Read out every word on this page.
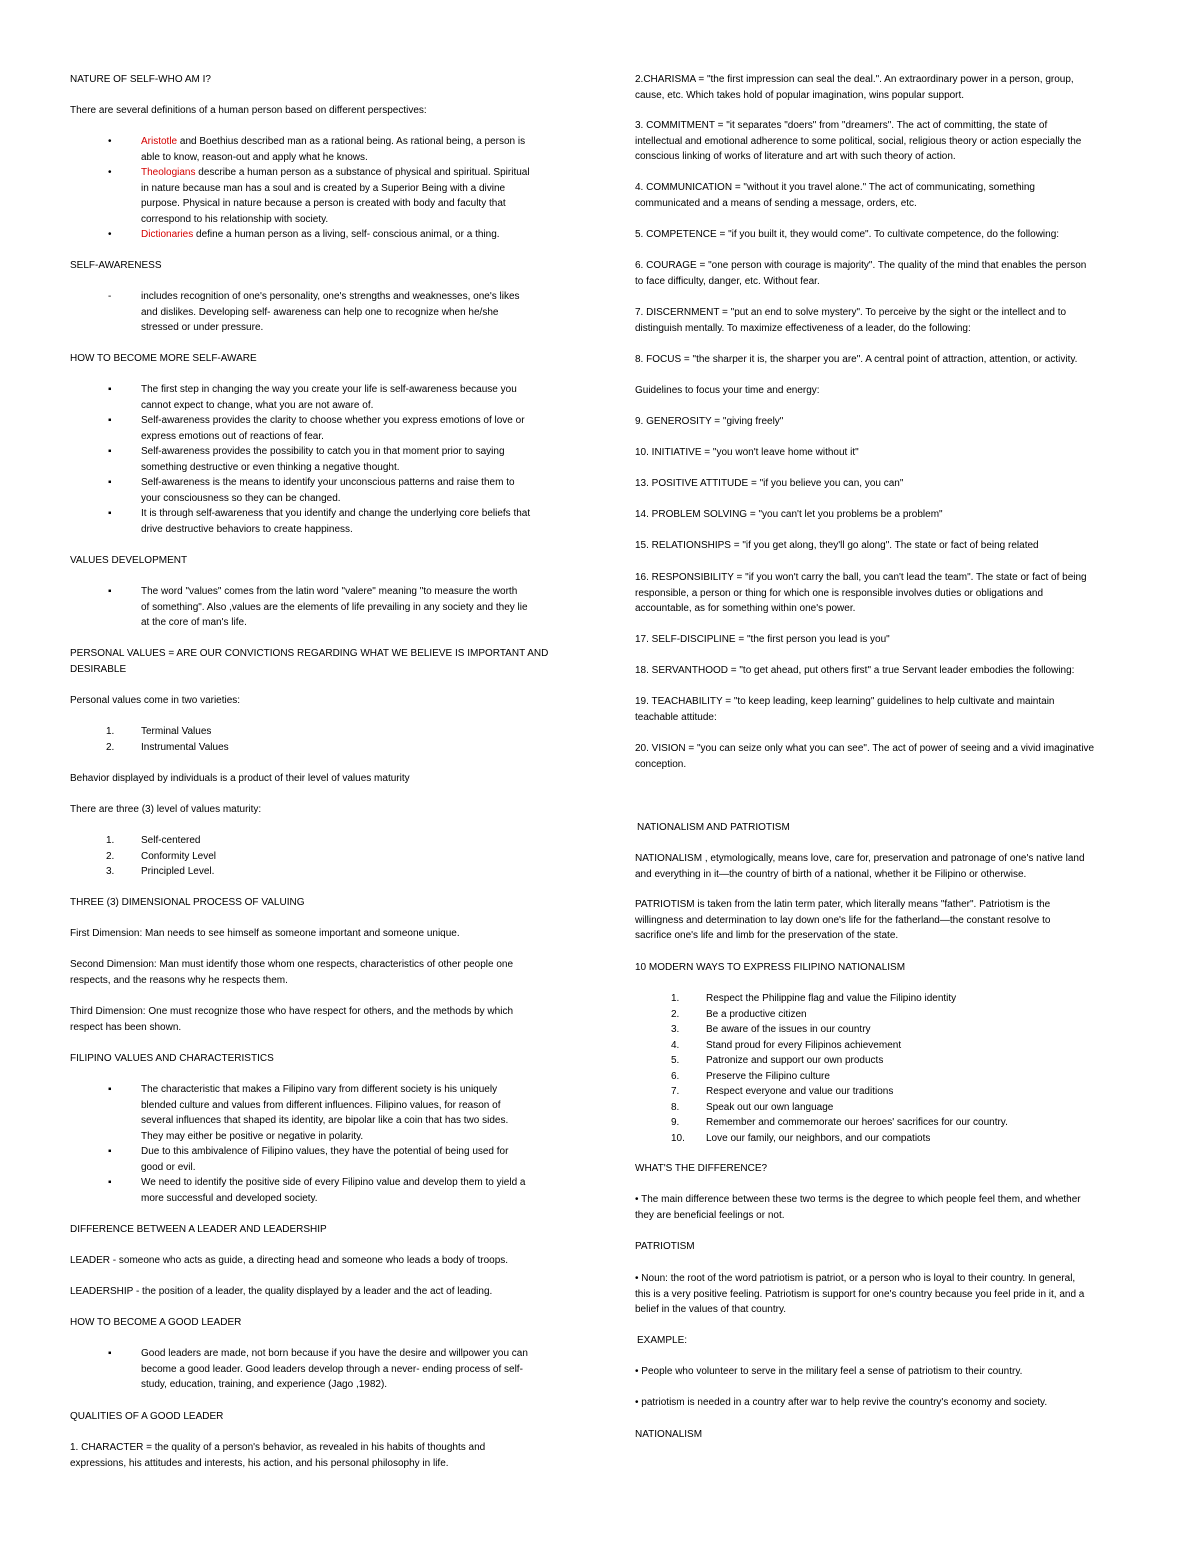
NATURE OF SELF-WHO AM I?
There are several definitions of a human person based on different perspectives:
•	Aristotle and Boethius described man as a rational being. As rational being, a person is
able to know, reason-out and apply what he knows.
•	Theologians describe a human person as a substance of physical and spiritual. Spiritual
in nature because man has a soul and is created by a Superior Being with a divine
purpose. Physical in nature because a person is created with body and faculty that
correspond to his relationship with society.
•	Dictionaries define a human person as a living, self- conscious animal, or a thing.
SELF-AWARENESS
-	includes recognition of one's personality, one's strengths and weaknesses, one's likes
and dislikes. Developing self- awareness can help one to recognize when he/she
stressed or under pressure.
HOW TO BECOME MORE SELF-AWARE
▪	The first step in changing the way you create your life is self-awareness because you
cannot expect to change, what you are not aware of.
▪	Self-awareness provides the clarity to choose whether you express emotions of love or
express emotions out of reactions of fear.
▪	Self-awareness provides the possibility to catch you in that moment prior to saying
something destructive or even thinking a negative thought.
▪	Self-awareness is the means to identify your unconscious patterns and raise them to
your consciousness so they can be changed.
▪	It is through self-awareness that you identify and change the underlying core beliefs that
drive destructive behaviors to create happiness.
VALUES DEVELOPMENT
▪	The word "values" comes from the latin word "valere" meaning "to measure the worth
of something". Also ,values are the elements of life prevailing in any society and they lie
at the core of man's life.
PERSONAL VALUES = ARE OUR CONVICTIONS REGARDING WHAT WE BELIEVE IS IMPORTANT AND
DESIRABLE
Personal values come in two varieties:
1.	Terminal Values
2.	Instrumental Values
Behavior displayed by individuals is a product of their level of values maturity
There are three (3) level of values maturity:
1.	Self-centered
2.	Conformity Level
3.	Principled Level.
THREE (3) DIMENSIONAL PROCESS OF VALUING
First Dimension: Man needs to see himself as someone important and someone unique.
Second Dimension: Man must identify those whom one respects, characteristics of other people one
respects, and the reasons why he respects them.
Third Dimension: One must recognize those who have respect for others, and the methods by which
respect has been shown.
FILIPINO VALUES AND CHARACTERISTICS
▪	The characteristic that makes a Filipino vary from different society is his uniquely
blended culture and values from different influences. Filipino values, for reason of
several influences that shaped its identity, are bipolar like a coin that has two sides.
They may either be positive or negative in polarity.
▪	Due to this ambivalence of Filipino values, they have the potential of being used for
good or evil.
▪	We need to identify the positive side of every Filipino value and develop them to yield a
more successful and developed society.
DIFFERENCE BETWEEN A LEADER AND LEADERSHIP
LEADER - someone who acts as guide, a directing head and someone who leads a body of troops.
LEADERSHIP - the position of a leader, the quality displayed by a leader and the act of leading.
HOW TO BECOME A GOOD LEADER
▪	Good leaders are made, not born because if you have the desire and willpower you can
become a good leader. Good leaders develop through a never- ending process of self-
study, education, training, and experience (Jago ,1982).
QUALITIES OF A GOOD LEADER
1. CHARACTER = the quality of a person's behavior, as revealed in his habits of thoughts and
expressions, his attitudes and interests, his action, and his personal philosophy in life.
2.CHARISMA = "the first impression can seal the deal.". An extraordinary power in a person, group,
cause, etc. Which takes hold of popular imagination, wins popular support.
3. COMMITMENT = "it separates "doers" from "dreamers". The act of committing, the state of
intellectual and emotional adherence to some political, social, religious theory or action especially the
conscious linking of works of literature and art with such theory of action.
4. COMMUNICATION = "without it you travel alone." The act of communicating, something
communicated and a means of sending a message, orders, etc.
5. COMPETENCE = "if you built it, they would come". To cultivate competence, do the following:
6. COURAGE = "one person with courage is majority". The quality of the mind that enables the person
to face difficulty, danger, etc. Without fear.
7. DISCERNMENT = "put an end to solve mystery". To perceive by the sight or the intellect and to
distinguish mentally. To maximize effectiveness of a leader, do the following:
8. FOCUS = "the sharper it is, the sharper you are". A central point of attraction, attention, or activity.
Guidelines to focus your time and energy:
9. GENEROSITY = "giving freely"
10. INITIATIVE = "you won't leave home without it"
13. POSITIVE ATTITUDE = "if you believe you can, you can"
14. PROBLEM SOLVING = "you can't let you problems be a problem"
15. RELATIONSHIPS = "if you get along, they'll go along". The state or fact of being related
16. RESPONSIBILITY = "if you won't carry the ball, you can't lead the team". The state or fact of being
responsible, a person or thing for which one is responsible involves duties or obligations and
accountable, as for something within one's power.
17. SELF-DISCIPLINE = "the first person you lead is you"
18. SERVANTHOOD = "to get ahead, put others first" a true Servant leader embodies the following:
19. TEACHABILITY = "to keep leading, keep learning" guidelines to help cultivate and maintain
teachable attitude:
20. VISION = "you can seize only what you can see". The act of power of seeing and a vivid imaginative
conception.
NATIONALISM AND PATRIOTISM
NATIONALISM , etymologically, means love, care for, preservation and patronage of one's native land
and everything in it—the country of birth of a national, whether it be Filipino or otherwise.
PATRIOTISM is taken from the latin term pater, which literally means "father". Patriotism is the
willingness and determination to lay down one's life for the fatherland—the constant resolve to
sacrifice one's life and limb for the preservation of the state.
10 MODERN WAYS TO EXPRESS FILIPINO NATIONALISM
1.	Respect the Philippine flag and value the Filipino identity
2.	Be a productive citizen
3.	Be aware of the issues in our country
4.	Stand proud for every Filipinos achievement
5.	Patronize and support our own products
6.	Preserve the Filipino culture
7.	Respect everyone and value our traditions
8.	Speak out our own language
9.	Remember and commemorate our heroes' sacrifices for our country.
10. Love our family, our neighbors, and our compatiots
WHAT'S THE DIFFERENCE?
• The main difference between these two terms is the degree to which people feel them, and whether
they are beneficial feelings or not.
PATRIOTISM
• Noun: the root of the word patriotism is patriot, or a person who is loyal to their country. In general,
this is a very positive feeling. Patriotism is support for one's country because you feel pride in it, and a
belief in the values of that country.
EXAMPLE:
• People who volunteer to serve in the military feel a sense of patriotism to their country.
• patriotism is needed in a country after war to help revive the country's economy and society.
NATIONALISM
